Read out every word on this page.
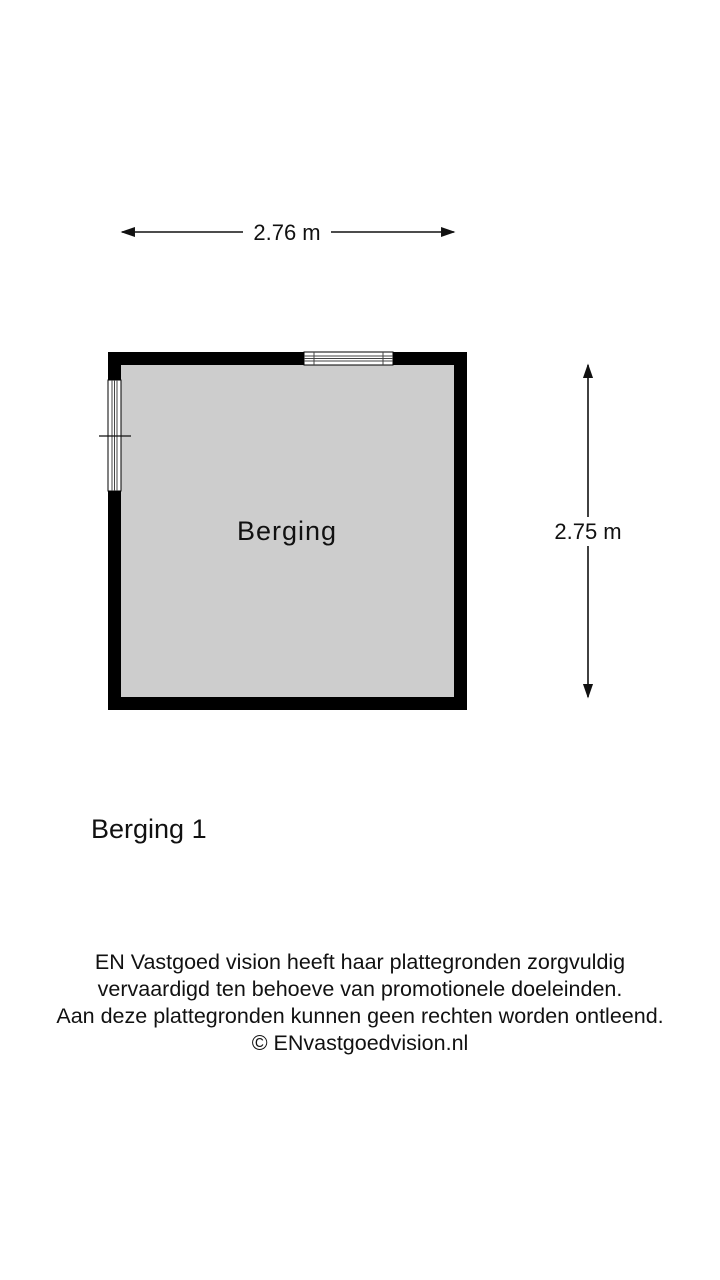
2.76 m
Berging	2.75 m
Berging 1
EN Vastgoed vision heeft haar plattegronden zorgvuldig
vervaardigd ten behoeve van promotionele doeleinden.
Aan deze plattegronden kunnen geen rechten worden ontleend.
© ENvastgoedvision.nl
